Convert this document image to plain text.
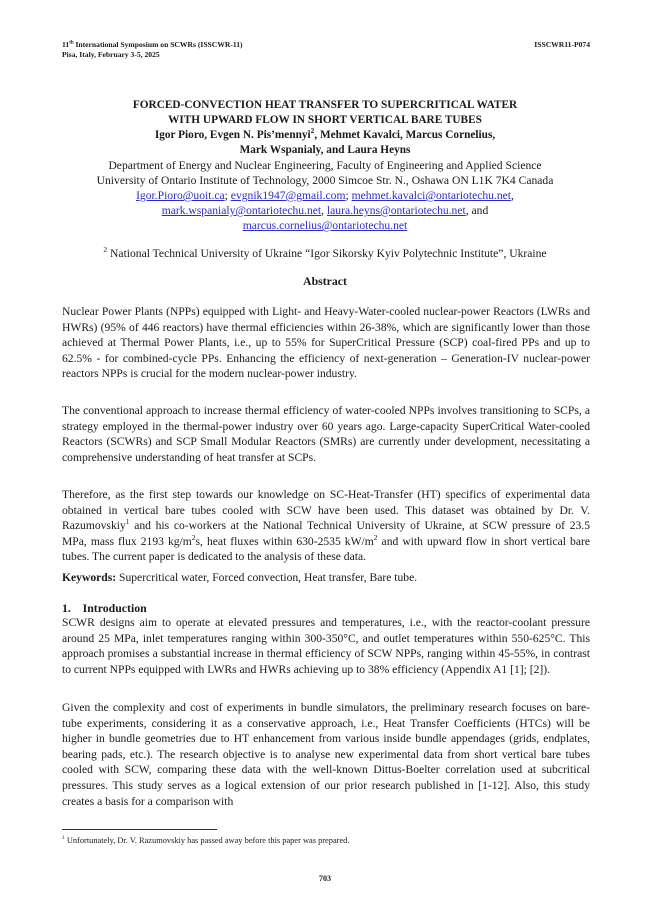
11th International Symposium on SCWRs (ISSCWR-11)
Pisa, Italy, February 3-5, 2025
ISSCWR11-P074
FORCED-CONVECTION HEAT TRANSFER TO SUPERCRITICAL WATER
WITH UPWARD FLOW IN SHORT VERTICAL BARE TUBES
Igor Pioro, Evgen N. Pis’mennyi$^2$, Mehmet Kavalci, Marcus Cornelius,
Mark Wspanialy, and Laura Heyns
Department of Energy and Nuclear Engineering, Faculty of Engineering and Applied Science
University of Ontario Institute of Technology, 2000 Simcoe Str. N., Oshawa ON L1K 7K4 Canada
Igor.Pioro@uoit.ca; evgnik1947@gmail.com; mehmet.kavalci@ontariotechu.net,
mark.wspanialy@ontariotechu.net, laura.heyns@ontariotechu.net, and
marcus.cornelius@ontariotechu.net
$^2$ National Technical University of Ukraine “Igor Sikorsky Kyiv Polytechnic Institute”, Ukraine
Abstract
Nuclear Power Plants (NPPs) equipped with Light- and Heavy-Water-cooled nuclear-power Reactors (LWRs and HWRs) (95% of 446 reactors) have thermal efficiencies within 26-38%, which are significantly lower than those achieved at Thermal Power Plants, i.e., up to 55% for SuperCritical Pressure (SCP) coal-fired PPs and up to 62.5% - for combined-cycle PPs. Enhancing the efficiency of next-generation – Generation-IV nuclear-power reactors NPPs is crucial for the modern nuclear-power industry.
The conventional approach to increase thermal efficiency of water-cooled NPPs involves transitioning to SCPs, a strategy employed in the thermal-power industry over 60 years ago. Large-capacity SuperCritical Water-cooled Reactors (SCWRs) and SCP Small Modular Reactors (SMRs) are currently under development, necessitating a comprehensive understanding of heat transfer at SCPs.
Therefore, as the first step towards our knowledge on SC-Heat-Transfer (HT) specifics of experimental data obtained in vertical bare tubes cooled with SCW have been used. This dataset was obtained by Dr. V. Razumovskiy$^1$ and his co-workers at the National Technical University of Ukraine, at SCW pressure of 23.5 MPa, mass flux 2193 $kg/m^2s$, heat fluxes within 630-2535 $kW/m^2$ and with upward flow in short vertical bare tubes. The current paper is dedicated to the analysis of these data.
Keywords: Supercritical water, Forced convection, Heat transfer, Bare tube.
1. Introduction
SCWR designs aim to operate at elevated pressures and temperatures, i.e., with the reactor-coolant pressure around 25 MPa, inlet temperatures ranging within 300-350°C, and outlet temperatures within 550-625°C. This approach promises a substantial increase in thermal efficiency of SCW NPPs, ranging within 45-55%, in contrast to current NPPs equipped with LWRs and HWRs achieving up to 38% efficiency (Appendix A1 [1]; [2]).
Given the complexity and cost of experiments in bundle simulators, the preliminary research focuses on bare-tube experiments, considering it as a conservative approach, i.e., Heat Transfer Coefficients (HTCs) will be higher in bundle geometries due to HT enhancement from various inside bundle appendages (grids, endplates, bearing pads, etc.). The research objective is to analyse new experimental data from short vertical bare tubes cooled with SCW, comparing these data with the well-known Dittus-Boelter correlation used at subcritical pressures. This study serves as a logical extension of our prior research published in [1-12]. Also, this study creates a basis for a comparison with
$^1$ Unfortunately, Dr. V. Razumovskiy has passed away before this paper was prepared.
703
